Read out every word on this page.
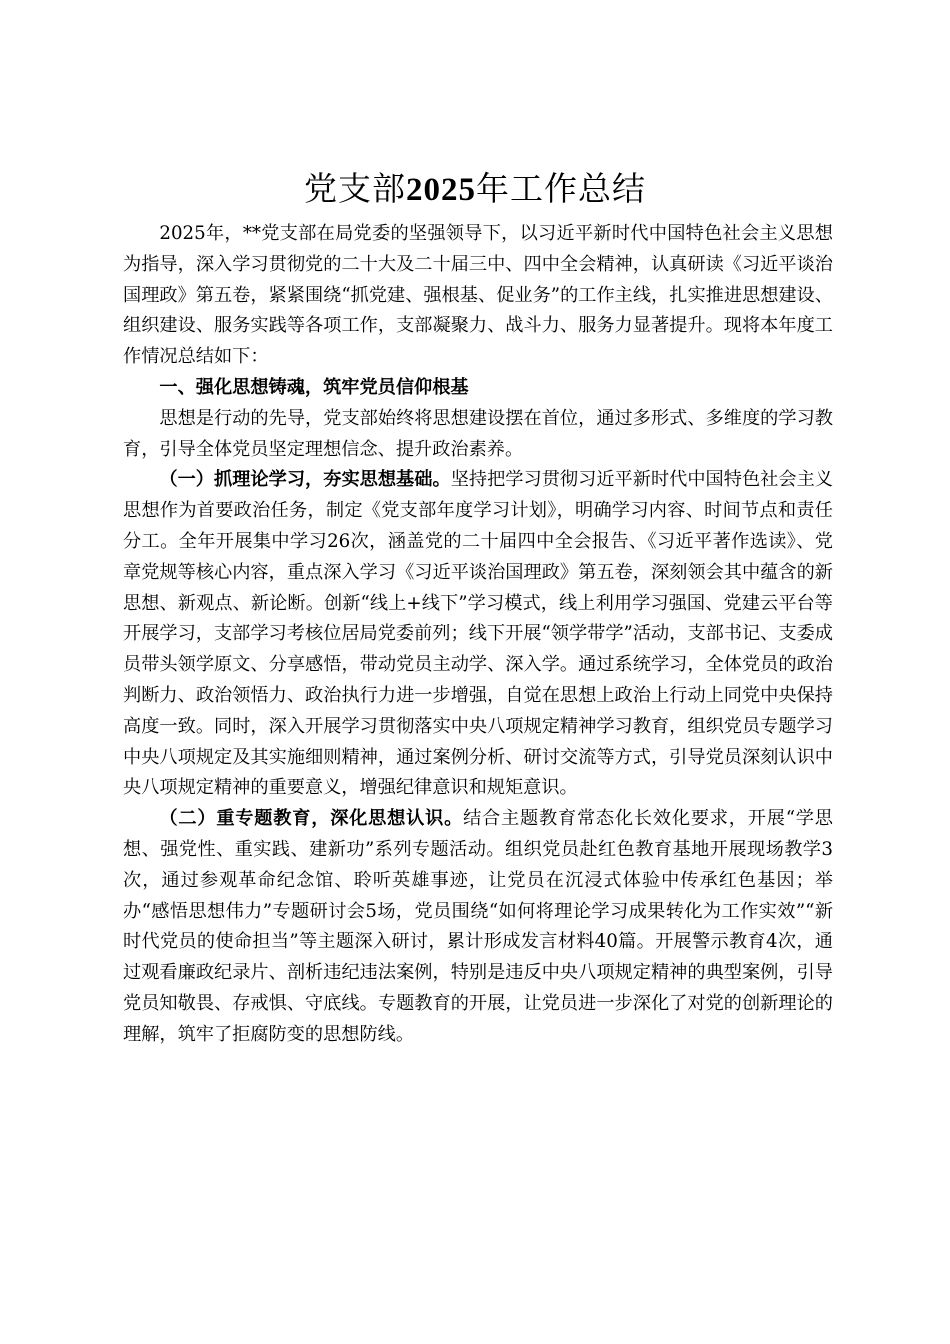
党支部2025年工作总结

2025年，**党支部在局党委的坚强领导下，以习近平新时代中国特色社会主义思想为指导，深入学习贯彻党的二十大及二十届三中、四中全会精神，认真研读《习近平谈治国理政》第五卷，紧紧围绕“抓党建、强根基、促业务”的工作主线，扎实推进思想建设、组织建设、服务实践等各项工作，支部凝聚力、战斗力、服务力显著提升。现将本年度工作情况总结如下：

一、强化思想铸魂，筑牢党员信仰根基

思想是行动的先导，党支部始终将思想建设摆在首位，通过多形式、多维度的学习教育，引导全体党员坚定理想信念、提升政治素养。

（一）抓理论学习，夯实思想基础。坚持把学习贯彻习近平新时代中国特色社会主义思想作为首要政治任务，制定《党支部年度学习计划》，明确学习内容、时间节点和责任分工。全年开展集中学习26次，涵盖党的二十届四中全会报告、《习近平著作选读》、党章党规等核心内容，重点深入学习《习近平谈治国理政》第五卷，深刻领会其中蕴含的新思想、新观点、新论断。创新“线上+线下”学习模式，线上利用学习强国、党建云平台等开展学习，支部学习考核位居局党委前列；线下开展“领学带学”活动，支部书记、支委成员带头领学原文、分享感悟，带动党员主动学、深入学。通过系统学习，全体党员的政治判断力、政治领悟力、政治执行力进一步增强，自觉在思想上政治上行动上同党中央保持高度一致。同时，深入开展学习贯彻落实中央八项规定精神学习教育，组织党员专题学习中央八项规定及其实施细则精神，通过案例分析、研讨交流等方式，引导党员深刻认识中央八项规定精神的重要意义，增强纪律意识和规矩意识。

（二）重专题教育，深化思想认识。结合主题教育常态化长效化要求，开展“学思想、强党性、重实践、建新功”系列专题活动。组织党员赴红色教育基地开展现场教学3次，通过参观革命纪念馆、聆听英雄事迹，让党员在沉浸式体验中传承红色基因；举办“感悟思想伟力”专题研讨会5场，党员围绕“如何将理论学习成果转化为工作实效”“新时代党员的使命担当”等主题深入研讨，累计形成发言材料40篇。开展警示教育4次，通过观看廉政纪录片、剖析违纪违法案例，特别是违反中央八项规定精神的典型案例，引导党员知敬畏、存戒惧、守底线。专题教育的开展，让党员进一步深化了对党的创新理论的理解，筑牢了拒腐防变的思想防线。
